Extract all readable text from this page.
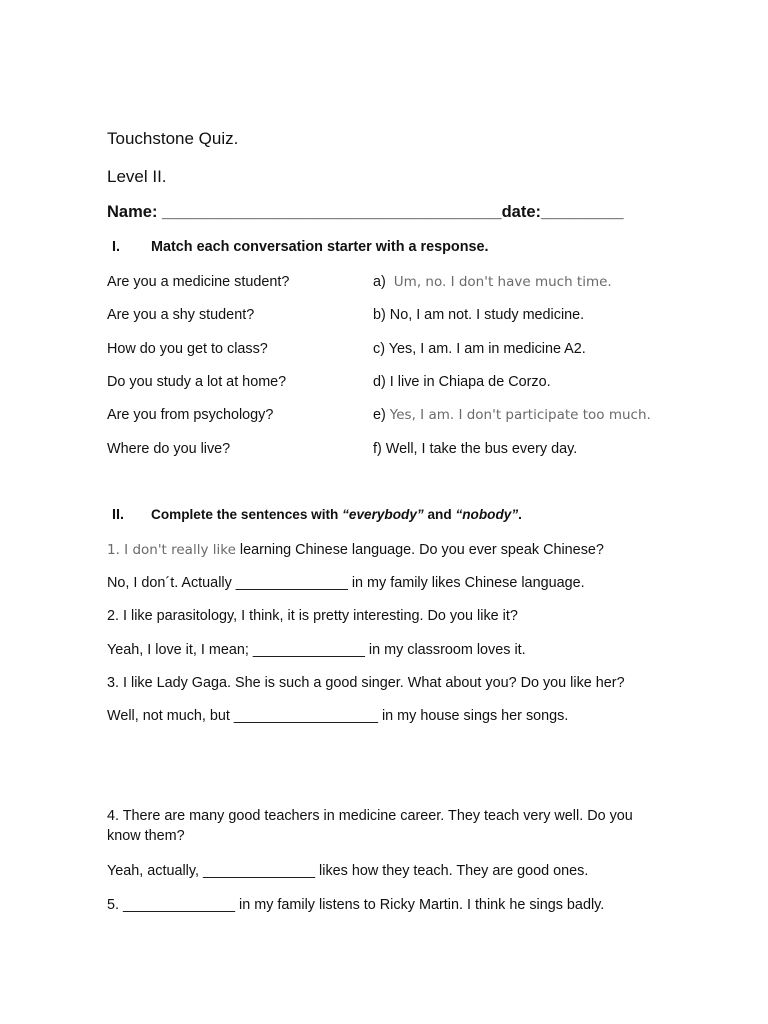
Touchstone Quiz.
Level II.
Name: _____________________________________date:_________
I. Match each conversation starter with a response.
Are you a medicine student?
Are you a shy student?
How do you get to class?
Do you study a lot at home?
Are you from psychology?
Where do you live?
a) Um, no. I don't have much time.
b) No, I am not. I study medicine.
c) Yes, I am. I am in medicine A2.
d) I live in Chiapa de Corzo.
e) Yes, I am. I don't participate too much.
f) Well, I take the bus every day.
II. Complete the sentences with “everybody” and “nobody”.
1. I don't really like learning Chinese language. Do you ever speak Chinese?
No, I don´t. Actually ______________ in my family likes Chinese language.
2. I like parasitology, I think, it is pretty interesting. Do you like it?
Yeah, I love it, I mean; ______________ in my classroom loves it.
3. I like Lady Gaga. She is such a good singer. What about you? Do you like her?
Well, not much, but __________________ in my house sings her songs.
4. There are many good teachers in medicine career. They teach very well. Do you know them?
Yeah, actually, ______________ likes how they teach. They are good ones.
5. ______________ in my family listens to Ricky Martin. I think he sings badly.
